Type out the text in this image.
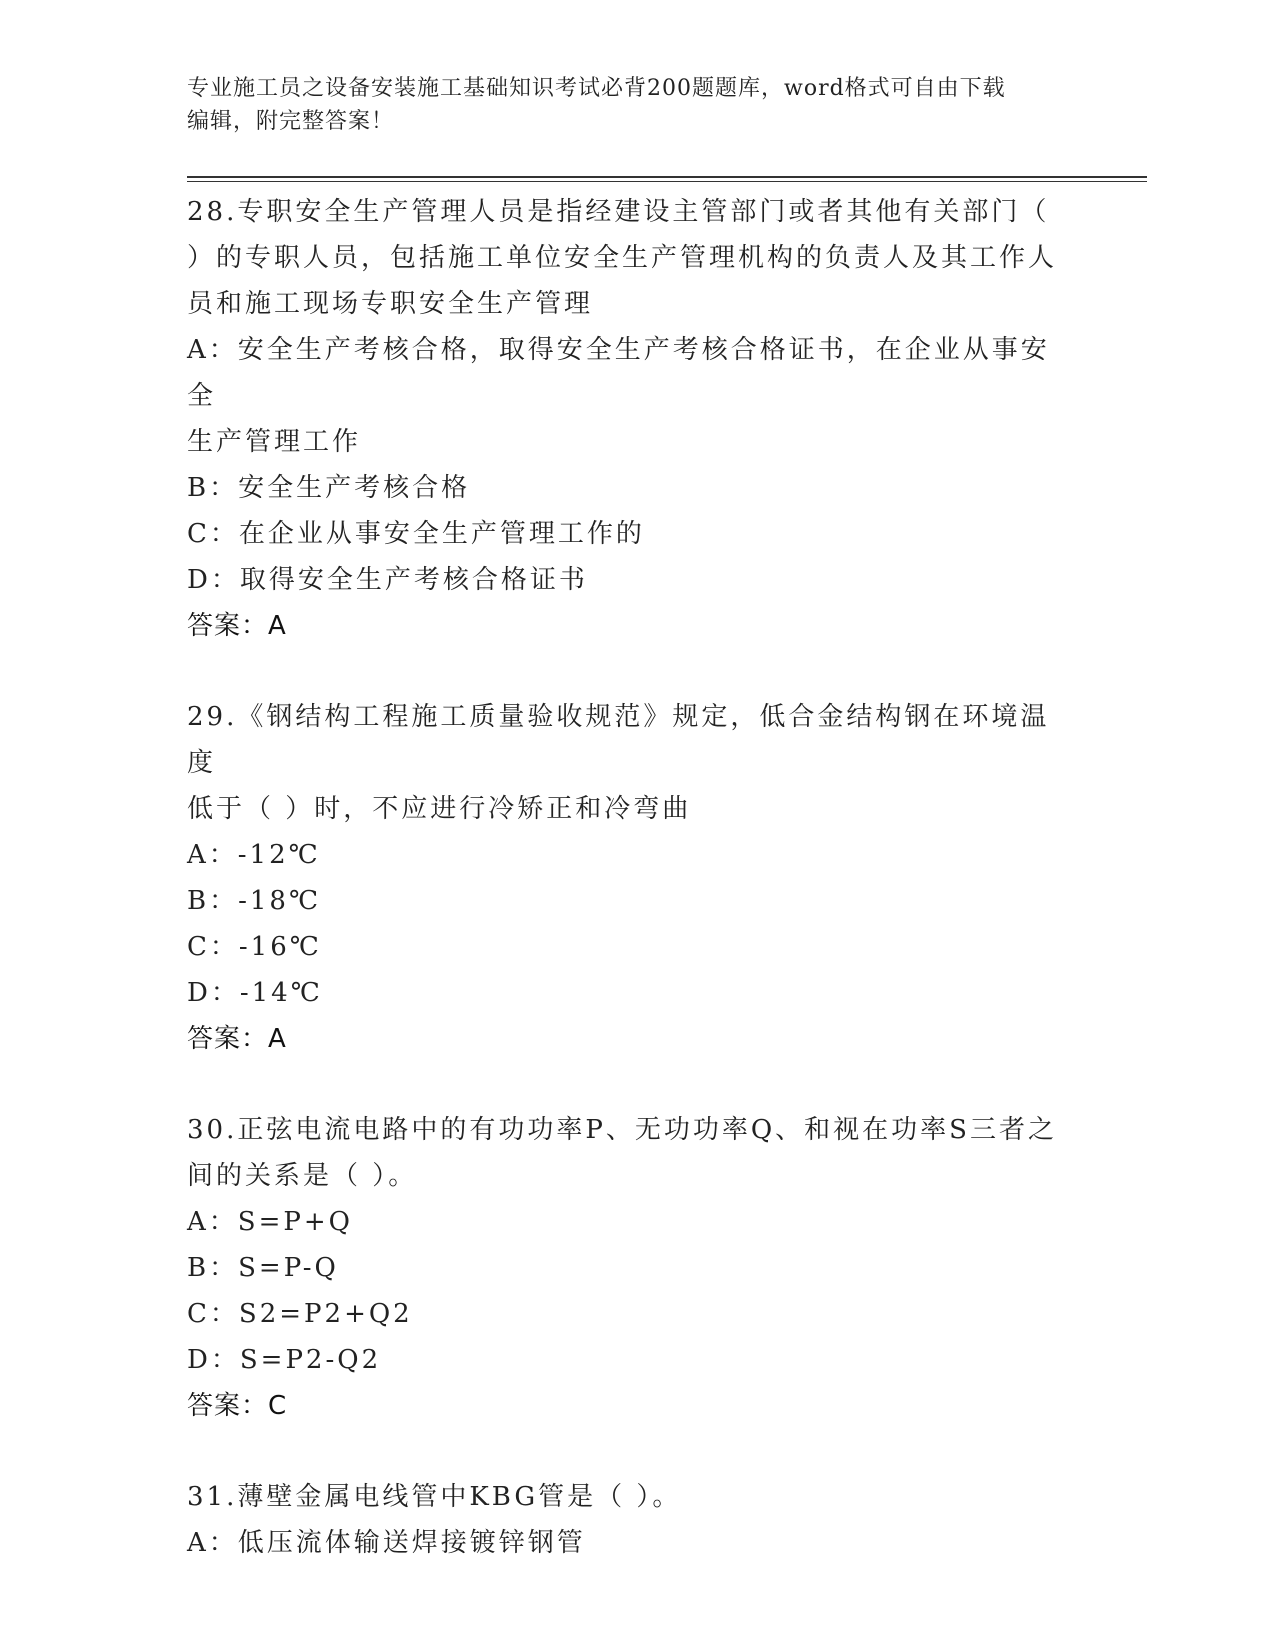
专业施工员之设备安装施工基础知识考试必背200题题库，word格式可自由下载
编辑，附完整答案！

28.专职安全生产管理人员是指经建设主管部门或者其他有关部门（

）的专职人员，包括施工单位安全生产管理机构的负责人及其工作人

员和施工现场专职安全生产管理

A：安全生产考核合格，取得安全生产考核合格证书，在企业从事安全

生产管理工作

B：安全生产考核合格

C：在企业从事安全生产管理工作的

D：取得安全生产考核合格证书

答案：A

29.《钢结构工程施工质量验收规范》规定，低合金结构钢在环境温度

低于（ ）时，不应进行冷矫正和冷弯曲

A：-12℃

B：-18℃

C：-16℃

D：-14℃

答案：A

30.正弦电流电路中的有功功率P、无功功率Q、和视在功率S三者之

间的关系是（ ）。

A：S=P+Q

B：S=P-Q

C：S2=P2+Q2

D：S=P2-Q2

答案：C

31.薄壁金属电线管中KBG管是（ ）。

A：低压流体输送焊接镀锌钢管
